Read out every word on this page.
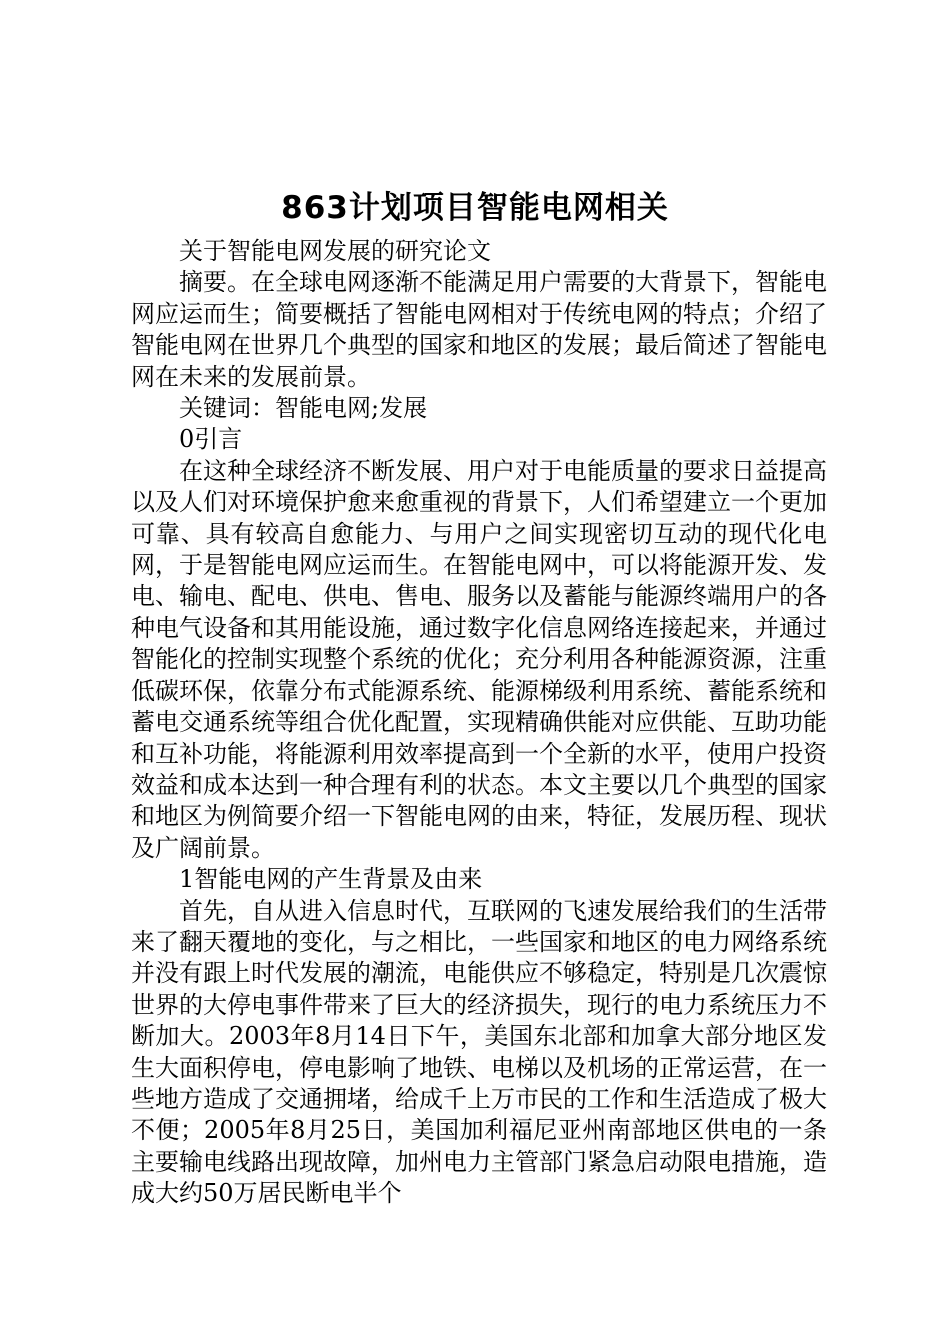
863计划项目智能电网相关

关于智能电网发展的研究论文

摘要。在全球电网逐渐不能满足用户需要的大背景下，智能电网应运而生；简要概括了智能电网相对于传统电网的特点；介绍了智能电网在世界几个典型的国家和地区的发展；最后简述了智能电网在未来的发展前景。

关键词：智能电网;发展

0引言

在这种全球经济不断发展、用户对于电能质量的要求日益提高以及人们对环境保护愈来愈重视的背景下，人们希望建立一个更加可靠、具有较高自愈能力、与用户之间实现密切互动的现代化电网，于是智能电网应运而生。在智能电网中，可以将能源开发、发电、输电、配电、供电、售电、服务以及蓄能与能源终端用户的各种电气设备和其用能设施，通过数字化信息网络连接起来，并通过智能化的控制实现整个系统的优化；充分利用各种能源资源，注重低碳环保，依靠分布式能源系统、能源梯级利用系统、蓄能系统和蓄电交通系统等组合优化配置，实现精确供能对应供能、互助功能和互补功能，将能源利用效率提高到一个全新的水平，使用户投资效益和成本达到一种合理有利的状态。本文主要以几个典型的国家和地区为例简要介绍一下智能电网的由来，特征，发展历程、现状及广阔前景。

1智能电网的产生背景及由来

首先，自从进入信息时代，互联网的飞速发展给我们的生活带来了翻天覆地的变化，与之相比，一些国家和地区的电力网络系统并没有跟上时代发展的潮流，电能供应不够稳定，特别是几次震惊世界的大停电事件带来了巨大的经济损失，现行的电力系统压力不断加大。2003年8月14日下午，美国东北部和加拿大部分地区发生大面积停电，停电影响了地铁、电梯以及机场的正常运营，在一些地方造成了交通拥堵，给成千上万市民的工作和生活造成了极大不便；2005年8月25日，美国加利福尼亚州南部地区供电的一条主要输电线路出现故障，加州电力主管部门紧急启动限电措施，造成大约50万居民断电半个
